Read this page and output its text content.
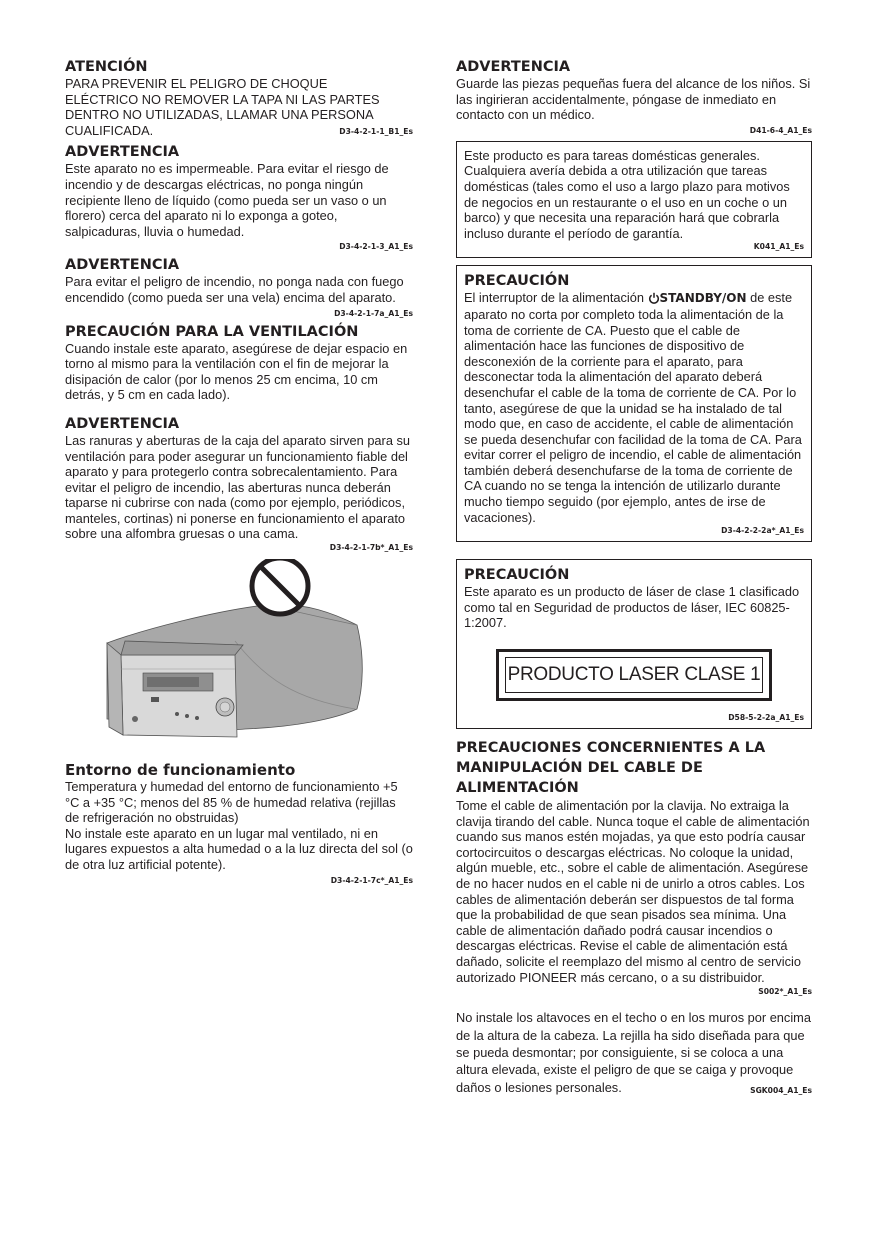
ATENCIÓN

PARA PREVENIR EL PELIGRO DE CHOQUE ELÉCTRICO NO REMOVER LA TAPA NI LAS PARTES DENTRO NO UTILIZADAS, LLAMAR UNA PERSONA CUALIFICADA.	D3-4-2-1-1_B1_Es
ADVERTENCIA

Este aparato no es impermeable. Para evitar el riesgo de incendio y de descargas eléctricas, no ponga ningún recipiente lleno de líquido (como pueda ser un vaso o un florero) cerca del aparato ni lo exponga a goteo, salpicaduras, lluvia o humedad.

D3-4-2-1-3_A1_Es
ADVERTENCIA

Para evitar el peligro de incendio, no ponga nada con fuego encendido (como pueda ser una vela) encima del aparato.

D3-4-2-1-7a_A1_Es
PRECAUCIÓN PARA LA VENTILACIÓN

Cuando instale este aparato, asegúrese de dejar espacio en torno al mismo para la ventilación con el fin de mejorar la disipación de calor (por lo menos 25 cm encima, 10 cm detrás, y 5 cm en cada lado).

ADVERTENCIA

Las ranuras y aberturas de la caja del aparato sirven para su ventilación para poder asegurar un funcionamiento fiable del aparato y para protegerlo contra sobrecalentamiento. Para evitar el peligro de incendio, las aberturas nunca deberán taparse ni cubrirse con nada (como por ejemplo, periódicos, manteles, cortinas) ni ponerse en funcionamiento el aparato sobre una alfombra gruesas o una cama.

D3-4-2-1-7b*_A1_Es
Entorno de funcionamiento

Temperatura y humedad del entorno de funcionamiento +5 °C a +35 °C; menos del 85 % de humedad relativa (rejillas de refrigeración no obstruidas)

No instale este aparato en un lugar mal ventilado, ni en lugares expuestos a alta humedad o a la luz directa del sol (o de otra luz artificial potente).

D3-4-2-1-7c*_A1_Es
ADVERTENCIA

Guarde las piezas pequeñas fuera del alcance de los niños. Si las ingirieran accidentalmente, póngase de inmediato en contacto con un médico.

D41-6-4_A1_Es

Este producto es para tareas domésticas generales. Cualquiera avería debida a otra utilización que tareas domésticas (tales como el uso a largo plazo para motivos de negocios en un restaurante o el uso en un coche o un barco) y que necesita una reparación hará que cobrarla incluso durante el período de garantía.

K041_A1_Es
PRECAUCIÓN

El interruptor de la alimentación STANDBY/ON de este aparato no corta por completo toda la alimentación de la toma de corriente de CA. Puesto que el cable de alimentación hace las funciones de dispositivo de desconexión de la corriente para el aparato, para desconectar toda la alimentación del aparato deberá desenchufar el cable de la toma de corriente de CA. Por lo tanto, asegúrese de que la unidad se ha instalado de tal modo que, en caso de accidente, el cable de alimentación se pueda desenchufar con facilidad de la toma de CA. Para evitar correr el peligro de incendio, el cable de alimentación también deberá desenchufarse de la toma de corriente de CA cuando no se tenga la intención de utilizarlo durante mucho tiempo seguido (por ejemplo, antes de irse de vacaciones).

D3-4-2-2-2a*_A1_Es
PRECAUCIÓN

Este aparato es un producto de láser de clase 1 clasificado como tal en Seguridad de productos de láser, IEC 60825-1:2007.

PRODUCTO LASER CLASE 1
D58-5-2-2a_A1_Es
PRECAUCIONES CONCERNIENTES A LA MANIPULACIÓN DEL CABLE DE ALIMENTACIÓN

Tome el cable de alimentación por la clavija. No extraiga la clavija tirando del cable. Nunca toque el cable de alimentación cuando sus manos estén mojadas, ya que esto podría causar cortocircuitos o descargas eléctricas. No coloque la unidad, algún mueble, etc., sobre el cable de alimentación. Asegúrese de no hacer nudos en el cable ni de unirlo a otros cables. Los cables de alimentación deberán ser dispuestos de tal forma que la probabilidad de que sean pisados sea mínima. Una cable de alimentación dañado podrá causar incendios o descargas eléctricas. Revise el cable de alimentación está dañado, solicite el reemplazo del mismo al centro de servicio autorizado PIONEER más cercano, o a su distribuidor.

S002*_A1_Es

No instale los altavoces en el techo o en los muros por encima de la altura de la cabeza. La rejilla ha sido diseñada para que se pueda desmontar; por consiguiente, si se coloca a una altura elevada, existe el peligro de que se caiga y provoque daños o lesiones personales.	SGK004_A1_Es
